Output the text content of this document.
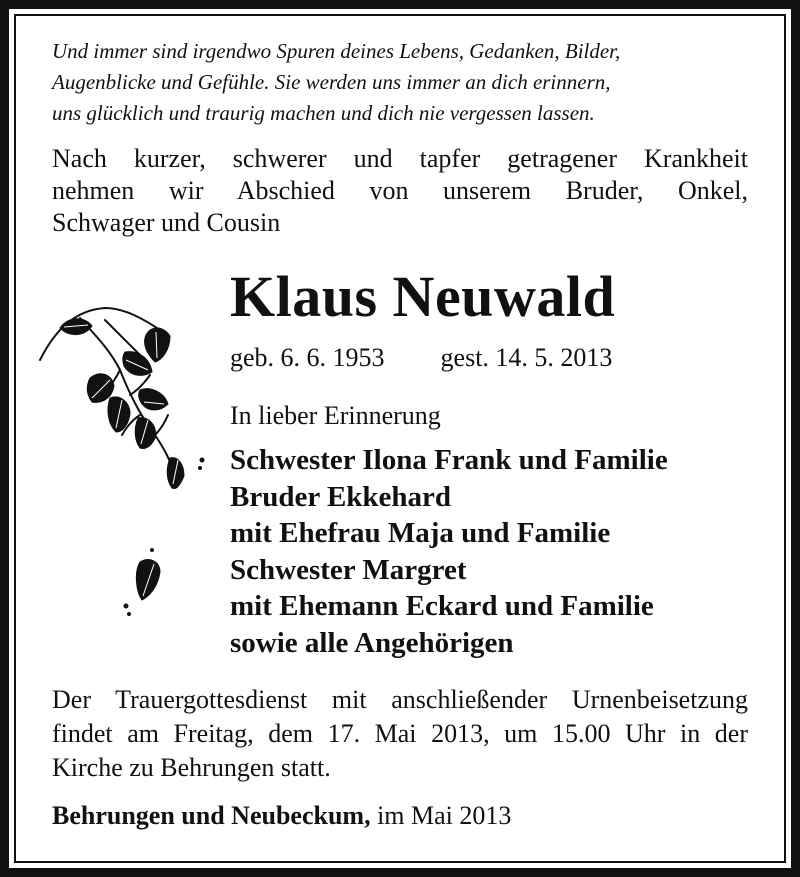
Und immer sind irgendwo Spuren deines Lebens, Gedanken, Bilder,
Augenblicke und Gefühle. Sie werden uns immer an dich erinnern,
uns glücklich und traurig machen und dich nie vergessen lassen.
Nach kurzer, schwerer und tapfer getragener Krankheit
nehmen wir Abschied von unserem Bruder, Onkel,
Schwager und Cousin
Klaus Neuwald
geb. 6. 6. 1953 gest. 14. 5. 2013
In lieber Erinnerung
Schwester Ilona Frank und Familie
Bruder Ekkehard
mit Ehefrau Maja und Familie
Schwester Margret
mit Ehemann Eckard und Familie
sowie alle Angehörigen
Der Trauergottesdienst mit anschließender Urnenbeisetzung
findet am Freitag, dem 17. Mai 2013, um 15.00 Uhr in der
Kirche zu Behrungen statt.
Behrungen und Neubeckum, im Mai 2013
